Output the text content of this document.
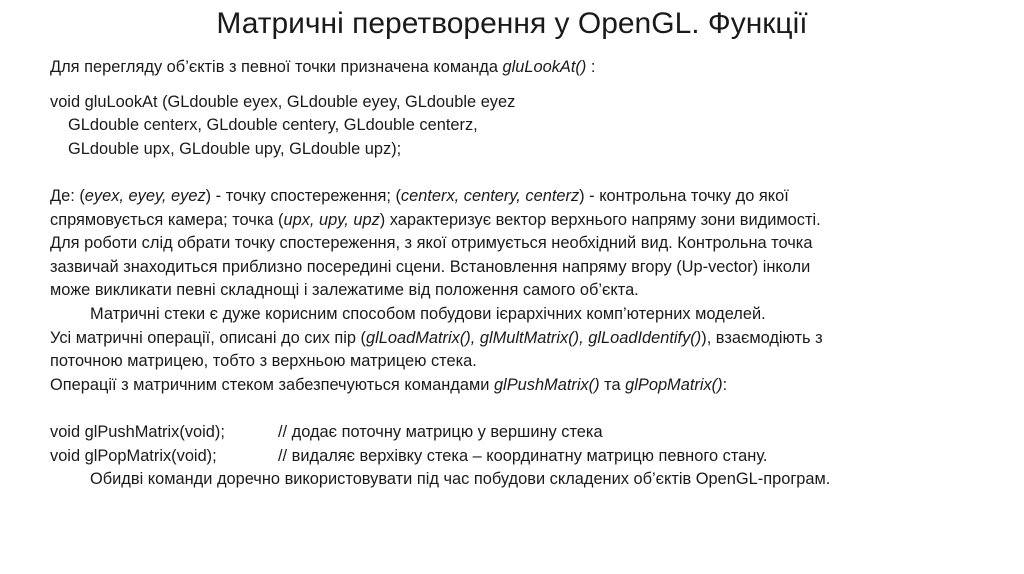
Матричні перетворення у OpenGL. Функції
Для перегляду об’єктів з певної точки призначена команда gluLookAt() :
void gluLookAt (GLdouble eyex, GLdouble eyey, GLdouble eyez
GLdouble centerx, GLdouble centery, GLdouble centerz,
GLdouble upx, GLdouble upy, GLdouble upz);
Де: (eyex, eyey, eyez) - точку спостереження; (centerx, centery, centerz) - контрольна точку до якої
спрямовується камера; точка (upx, upy, upz) характеризує вектор верхнього напряму зони видимості.
Для роботи слід обрати точку спостереження, з якої отримується необхідний вид. Контрольна точка
зазвичай знаходиться приблизно посередині сцени. Встановлення напряму вгору (Up-vector) інколи
може викликати певні складнощі і залежатиме від положення самого об’єкта.
Матричні стеки є дуже корисним способом побудови ієрархічних комп’ютерних моделей.
Усі матричні операції, описані до сих пір (glLoadMatrix(), glMultMatrix(), glLoadIdentify()), взаємодіють з
поточною матрицею, тобто з верхньою матрицею стека.
Операції з матричним стеком забезпечуються командами glPushMatrix() та glPopMatrix():
void glPushMatrix(void);	// додає поточну матрицю у вершину стека
void glPopMatrix(void);	// видаляє верхівку стека – координатну матрицю певного стану.
Обидві команди доречно використовувати під час побудови складених об’єктів OpenGL-програм.
